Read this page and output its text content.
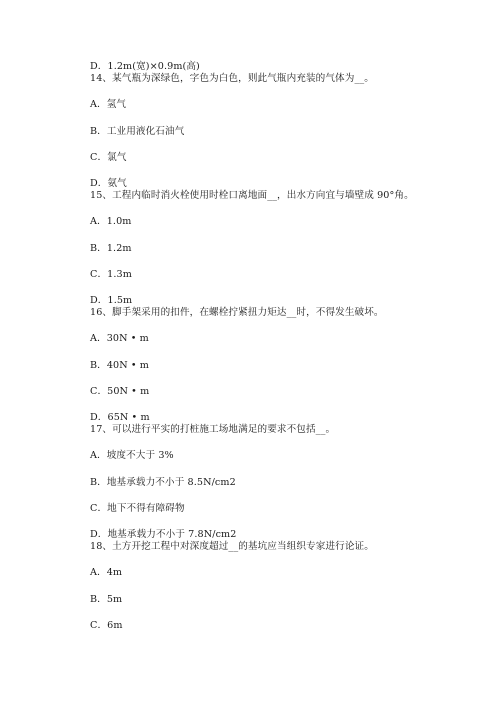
D．1.2m(宽)×0.9m(高)
14、某气瓶为深绿色，字色为白色，则此气瓶内充装的气体为__。
A．氢气
B．工业用液化石油气
C．氯气
D．氨气
15、工程内临时消火栓使用时栓口离地面__，出水方向宜与墙壁成 90°角。
A．1.0m
B．1.2m
C．1.3m
D．1.5m
16、脚手架采用的扣件，在螺栓拧紧扭力矩达__时，不得发生破坏。
A．30N • m
B．40N • m
C．50N • m
D．65N • m
17、可以进行平实的打桩施工场地满足的要求不包括__。
A．坡度不大于 3%
B．地基承载力不小于 8.5N/cm2
C．地下不得有障碍物
D．地基承载力不小于 7.8N/cm2
18、土方开挖工程中对深度超过__的基坑应当组织专家进行论证。
A．4m
B．5m
C．6m
